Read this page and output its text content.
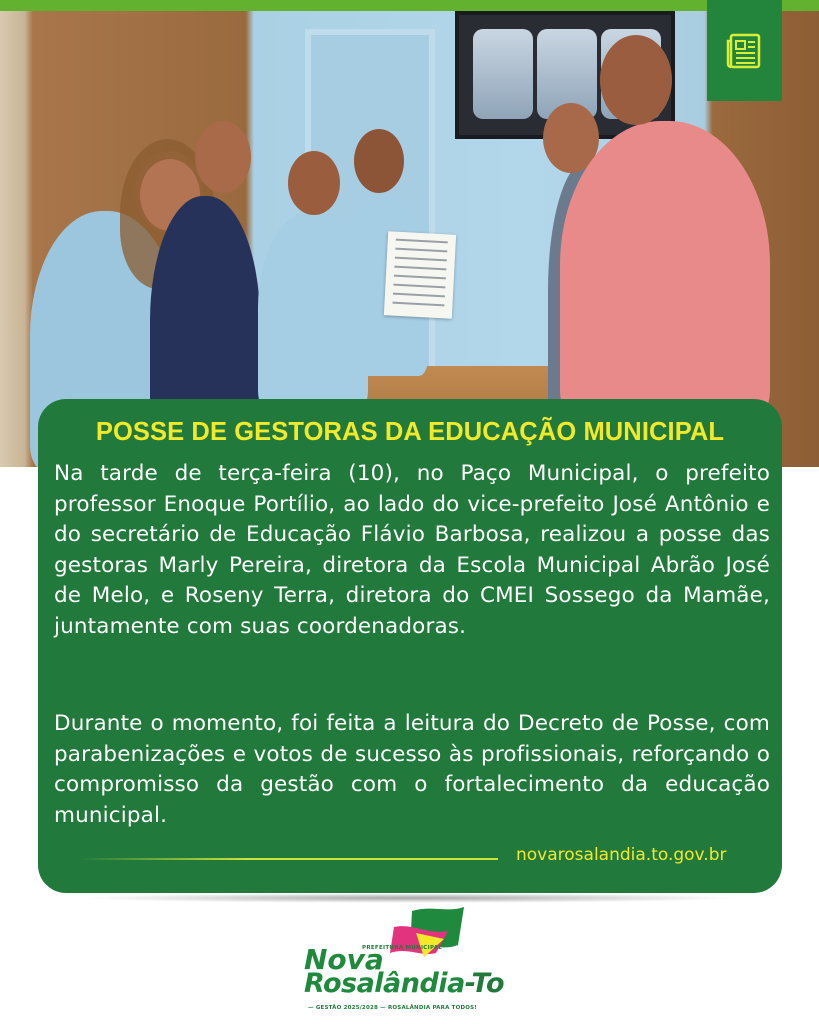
POSSE DE GESTORAS DA EDUCAÇÃO MUNICIPAL

Na tarde de terça-feira (10), no Paço Municipal, o prefeito professor Enoque Portílio, ao lado do vice-prefeito José Antônio e do secretário de Educação Flávio Barbosa, realizou a posse das gestoras Marly Pereira, diretora da Escola Municipal Abrão José de Melo, e Roseny Terra, diretora do CMEI Sossego da Mamãe, juntamente com suas coordenadoras.

Durante o momento, foi feita a leitura do Decreto de Posse, com parabenizações e votos de sucesso às profissionais, reforçando o compromisso da gestão com o fortalecimento da educação municipal.

novarosalandia.to.gov.br
PREFEITURA MUNICIPAL
Nova
Rosalândia-To
— GESTÃO 2025/2028 — ROSALÂNDIA PARA TODOS!
